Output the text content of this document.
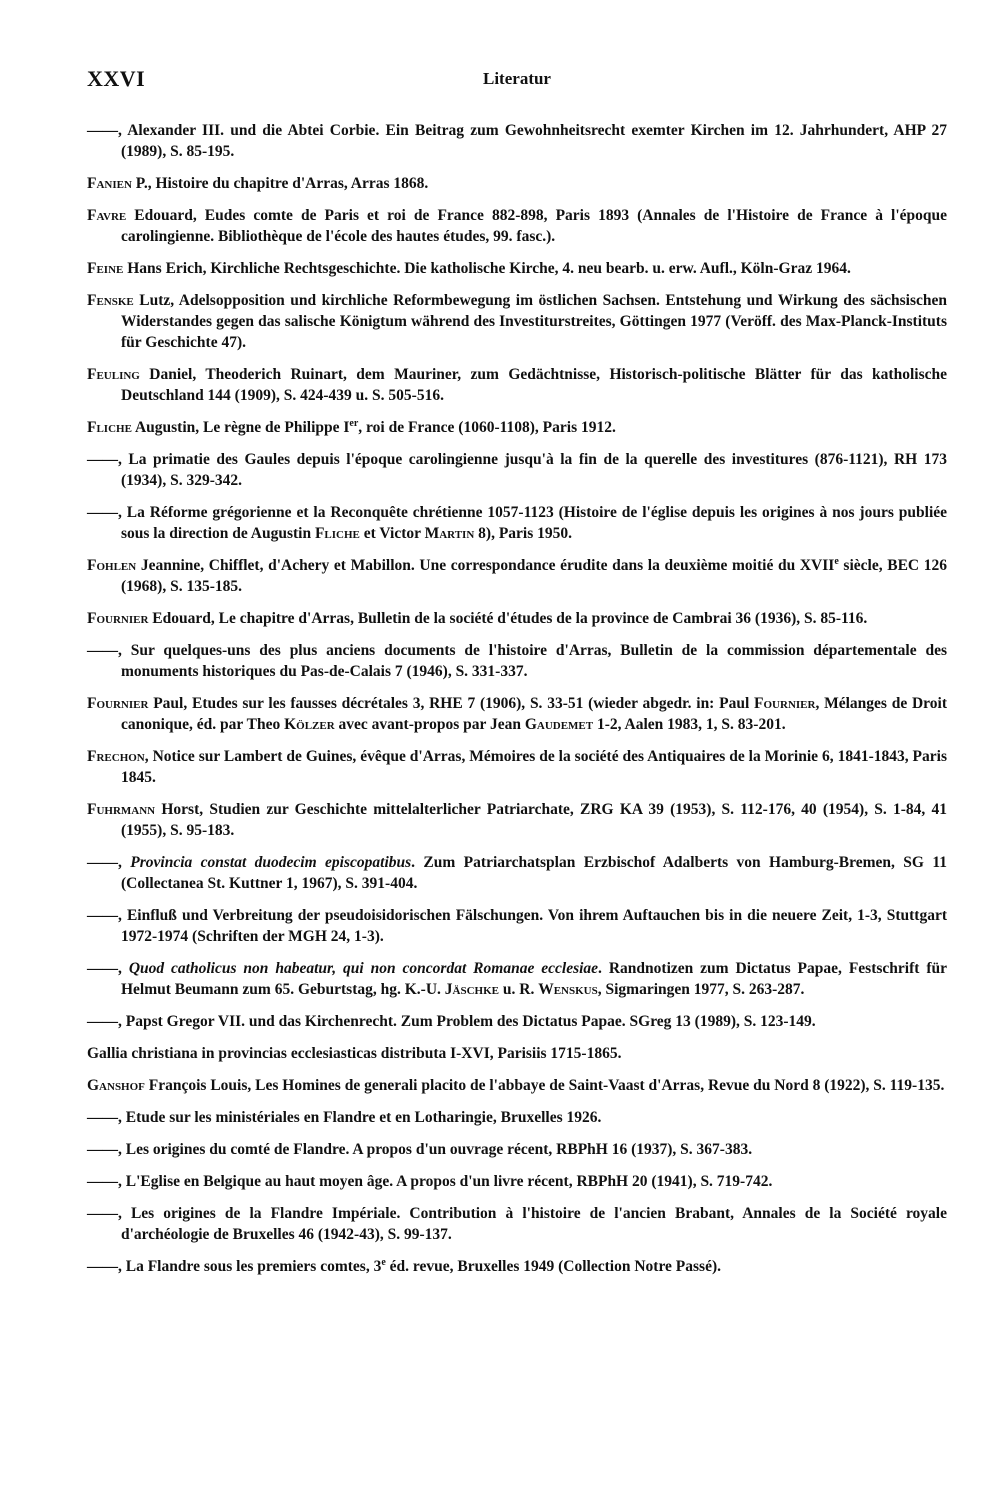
XXVI	Literatur

——, Alexander III. und die Abtei Corbie. Ein Beitrag zum Gewohnheitsrecht exemter Kirchen im 12. Jahrhundert, AHP 27 (1989), S. 85-195.

Fanien P., Histoire du chapitre d'Arras, Arras 1868.

Favre Edouard, Eudes comte de Paris et roi de France 882-898, Paris 1893 (Annales de l'Histoire de France à l'époque carolingienne. Bibliothèque de l'école des hautes études, 99. fasc.).

Feine Hans Erich, Kirchliche Rechtsgeschichte. Die katholische Kirche, 4. neu bearb. u. erw. Aufl., Köln-Graz 1964.

Fenske Lutz, Adelsopposition und kirchliche Reformbewegung im östlichen Sachsen. Entstehung und Wirkung des sächsischen Widerstandes gegen das salische Königtum während des Investiturstreites, Göttingen 1977 (Veröff. des Max-Planck-Instituts für Geschichte 47).

Feuling Daniel, Theoderich Ruinart, dem Mauriner, zum Gedächtnisse, Historisch-politische Blätter für das katholische Deutschland 144 (1909), S. 424-439 u. S. 505-516.

Fliche Augustin, Le règne de Philippe Ier, roi de France (1060-1108), Paris 1912.

——, La primatie des Gaules depuis l'époque carolingienne jusqu'à la fin de la querelle des investitures (876-1121), RH 173 (1934), S. 329-342.

——, La Réforme grégorienne et la Reconquête chrétienne 1057-1123 (Histoire de l'église depuis les origines à nos jours publiée sous la direction de Augustin Fliche et Victor Martin 8), Paris 1950.

Fohlen Jeannine, Chifflet, d'Achery et Mabillon. Une correspondance érudite dans la deuxième moitié du XVIIe siècle, BEC 126 (1968), S. 135-185.

Fournier Edouard, Le chapitre d'Arras, Bulletin de la société d'études de la province de Cambrai 36 (1936), S. 85-116.

——, Sur quelques-uns des plus anciens documents de l'histoire d'Arras, Bulletin de la commission départementale des monuments historiques du Pas-de-Calais 7 (1946), S. 331-337.

Fournier Paul, Etudes sur les fausses décrétales 3, RHE 7 (1906), S. 33-51 (wieder abgedr. in: Paul Fournier, Mélanges de Droit canonique, éd. par Theo Kölzer avec avant-propos par Jean Gaudemet 1-2, Aalen 1983, 1, S. 83-201.

Frechon, Notice sur Lambert de Guines, évêque d'Arras, Mémoires de la société des Antiquaires de la Morinie 6, 1841-1843, Paris 1845.

Fuhrmann Horst, Studien zur Geschichte mittelalterlicher Patriarchate, ZRG KA 39 (1953), S. 112-176, 40 (1954), S. 1-84, 41 (1955), S. 95-183.

——, Provincia constat duodecim episcopatibus. Zum Patriarchatsplan Erzbischof Adalberts von Hamburg-Bremen, SG 11 (Collectanea St. Kuttner 1, 1967), S. 391-404.

——, Einfluß und Verbreitung der pseudoisidorischen Fälschungen. Von ihrem Auftauchen bis in die neuere Zeit, 1-3, Stuttgart 1972-1974 (Schriften der MGH 24, 1-3).

——, Quod catholicus non habeatur, qui non concordat Romanae ecclesiae. Randnotizen zum Dictatus Papae, Festschrift für Helmut Beumann zum 65. Geburtstag, hg. K.-U. Jäschke u. R. Wenskus, Sigmaringen 1977, S. 263-287.

——, Papst Gregor VII. und das Kirchenrecht. Zum Problem des Dictatus Papae. SGreg 13 (1989), S. 123-149.

Gallia christiana in provincias ecclesiasticas distributa I-XVI, Parisiis 1715-1865.

Ganshof François Louis, Les Homines de generali placito de l'abbaye de Saint-Vaast d'Arras, Revue du Nord 8 (1922), S. 119-135.

——, Etude sur les ministériales en Flandre et en Lotharingie, Bruxelles 1926.

——, Les origines du comté de Flandre. A propos d'un ouvrage récent, RBPhH 16 (1937), S. 367-383.

——, L'Eglise en Belgique au haut moyen âge. A propos d'un livre récent, RBPhH 20 (1941), S. 719-742.

——, Les origines de la Flandre Impériale. Contribution à l'histoire de l'ancien Brabant, Annales de la Société royale d'archéologie de Bruxelles 46 (1942-43), S. 99-137.

——, La Flandre sous les premiers comtes, 3e éd. revue, Bruxelles 1949 (Collection Notre Passé).
